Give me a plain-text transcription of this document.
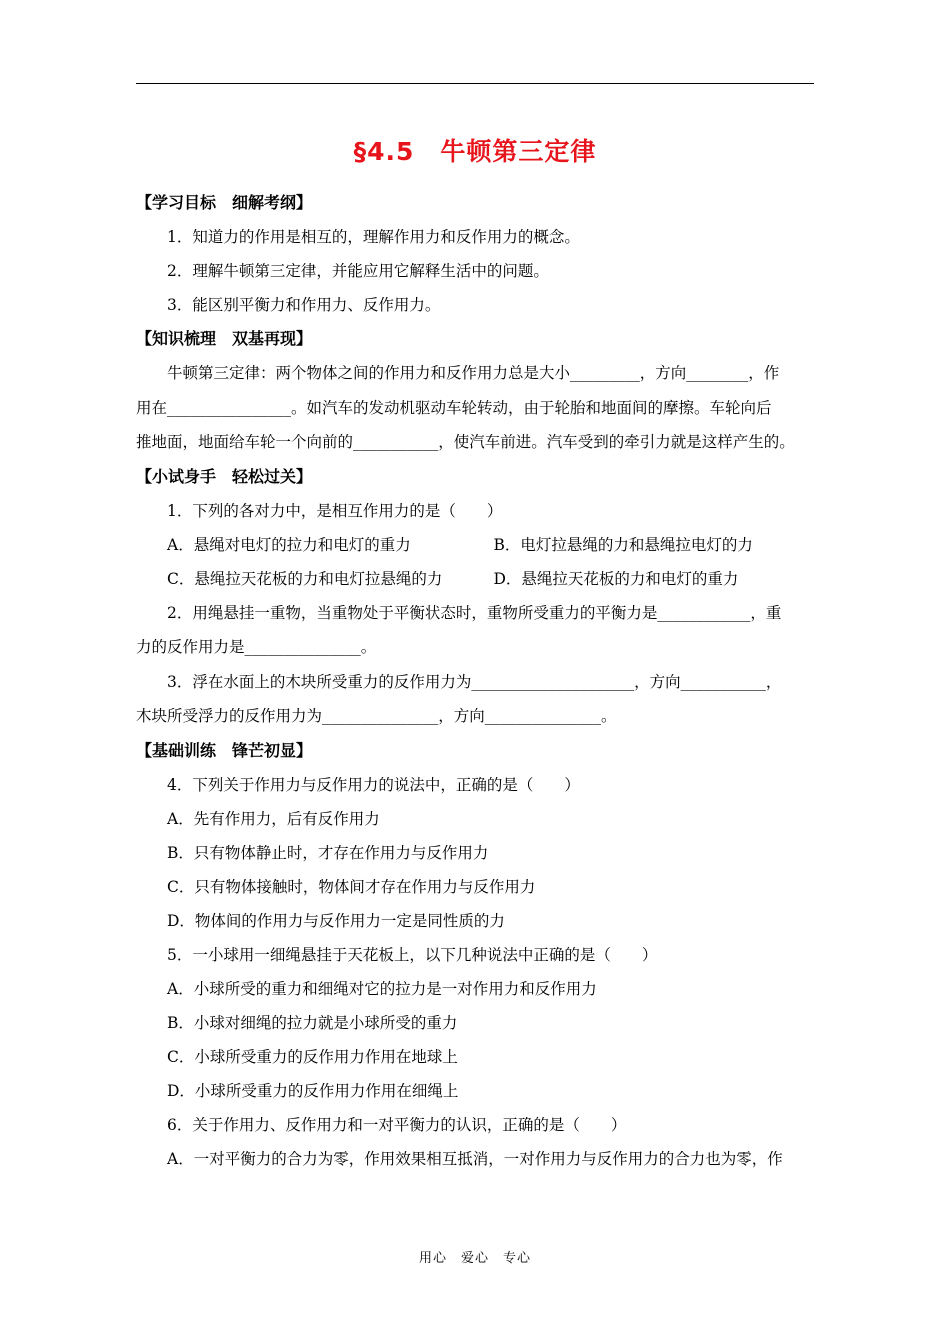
§4.5　牛顿第三定律
【学习目标　细解考纲】
1．知道力的作用是相互的，理解作用力和反作用力的概念。
2．理解牛顿第三定律，并能应用它解释生活中的问题。
3．能区别平衡力和作用力、反作用力。
【知识梳理　双基再现】

牛顿第三定律：两个物体之间的作用力和反作用力总是大小_________，方向________，作

用在________________。如汽车的发动机驱动车轮转动，由于轮胎和地面间的摩擦。车轮向后

推地面，地面给车轮一个向前的___________，使汽车前进。汽车受到的牵引力就是这样产生的。

【小试身手　轻松过关】
1．下列的各对力中，是相互作用力的是（　　）
A．悬绳对电灯的拉力和电灯的重力	B．电灯拉悬绳的力和悬绳拉电灯的力
C．悬绳拉天花板的力和电灯拉悬绳的力	D．悬绳拉天花板的力和电灯的重力

2．用绳悬挂一重物，当重物处于平衡状态时，重物所受重力的平衡力是____________，重

力的反作用力是_______________。

3．浮在水面上的木块所受重力的反作用力为_____________________，方向___________，

木块所受浮力的反作用力为_______________，方向_______________。

【基础训练　锋芒初显】
4．下列关于作用力与反作用力的说法中，正确的是（　　）
A．先有作用力，后有反作用力
B．只有物体静止时，才存在作用力与反作用力
C．只有物体接触时，物体间才存在作用力与反作用力
D．物体间的作用力与反作用力一定是同性质的力
5．一小球用一细绳悬挂于天花板上，以下几种说法中正确的是（　　）
A．小球所受的重力和细绳对它的拉力是一对作用力和反作用力
B．小球对细绳的拉力就是小球所受的重力
C．小球所受重力的反作用力作用在地球上
D．小球所受重力的反作用力作用在细绳上
6．关于作用力、反作用力和一对平衡力的认识，正确的是（　　）
A．一对平衡力的合力为零，作用效果相互抵消，一对作用力与反作用力的合力也为零，作
用心　爱心　专心
